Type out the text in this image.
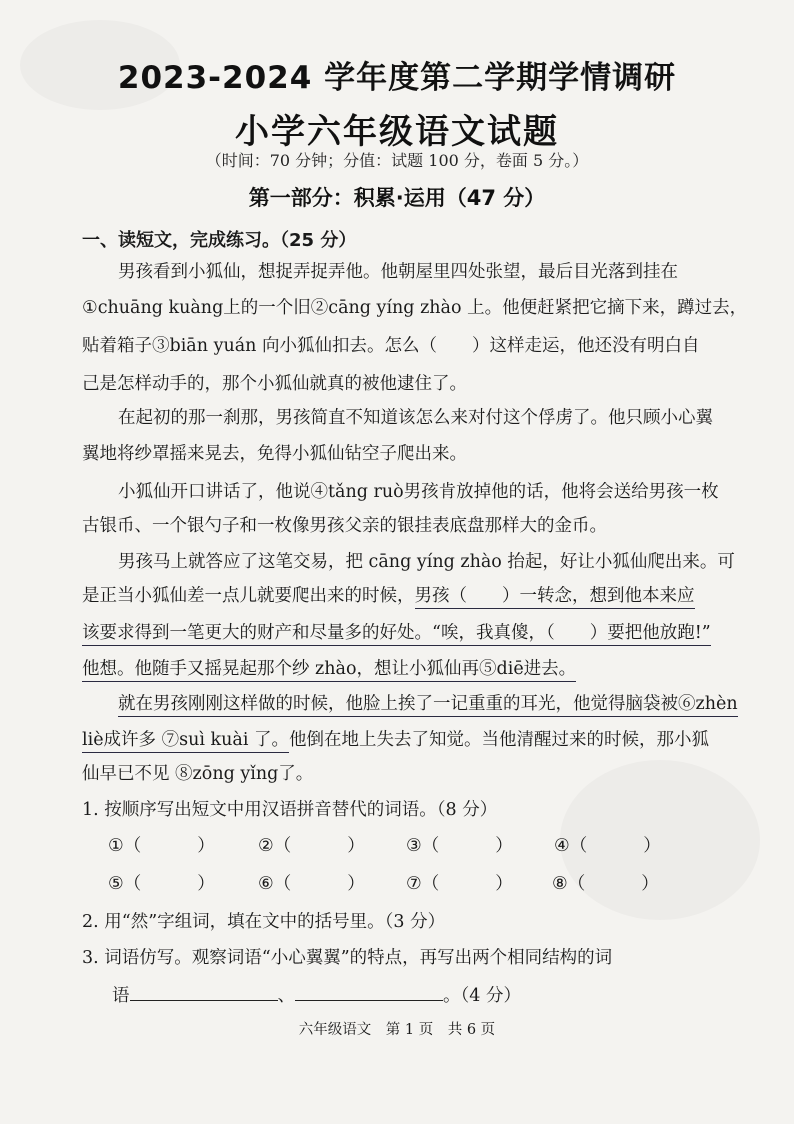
2023-2024 学年度第二学期学情调研
小学六年级语文试题
（时间：70 分钟；分值：试题 100 分，卷面 5 分。）
第一部分：积累·运用（47 分）
一、读短文，完成练习。（25 分）
男孩看到小狐仙，想捉弄捉弄他。他朝屋里四处张望，最后目光落到挂在
①chuāng kuàng上的一个旧②cāng yíng zhào 上。他便赶紧把它摘下来，蹲过去，
贴着箱子③biān yuán 向小狐仙扣去。怎么（　　）这样走运，他还没有明白自
己是怎样动手的，那个小狐仙就真的被他逮住了。
在起初的那一刹那，男孩简直不知道该怎么来对付这个俘虏了。他只顾小心翼
翼地将纱罩摇来晃去，免得小狐仙钻空子爬出来。
小狐仙开口讲话了，他说④tǎng ruò男孩肯放掉他的话，他将会送给男孩一枚
古银币、一个银勺子和一枚像男孩父亲的银挂表底盘那样大的金币。
男孩马上就答应了这笔交易，把 cāng yíng zhào 抬起，好让小狐仙爬出来。可
是正当小狐仙差一点儿就要爬出来的时候，男孩（　　）一转念，想到他本来应
该要求得到一笔更大的财产和尽量多的好处。“唉，我真傻，（　　）要把他放跑!”
他想。他随手又摇晃起那个纱 zhào，想让小狐仙再⑤diē进去。
就在男孩刚刚这样做的时候，他脸上挨了一记重重的耳光，他觉得脑袋被⑥zhèn
liè成许多 ⑦suì kuài 了。他倒在地上失去了知觉。当他清醒过来的时候，那小狐
仙早已不见 ⑧zōng yǐng了。
1. 按顺序写出短文中用汉语拼音替代的词语。（8 分）
①（	） ②（	） ③（	） ④（	）
⑤（	） ⑥（	） ⑦（	） ⑧（	）
2. 用“然”字组词，填在文中的括号里。（3 分）
3. 词语仿写。观察词语“小心翼翼”的特点，再写出两个相同结构的词
语	、	。（4 分）
六年级语文　第 1 页　共 6 页
